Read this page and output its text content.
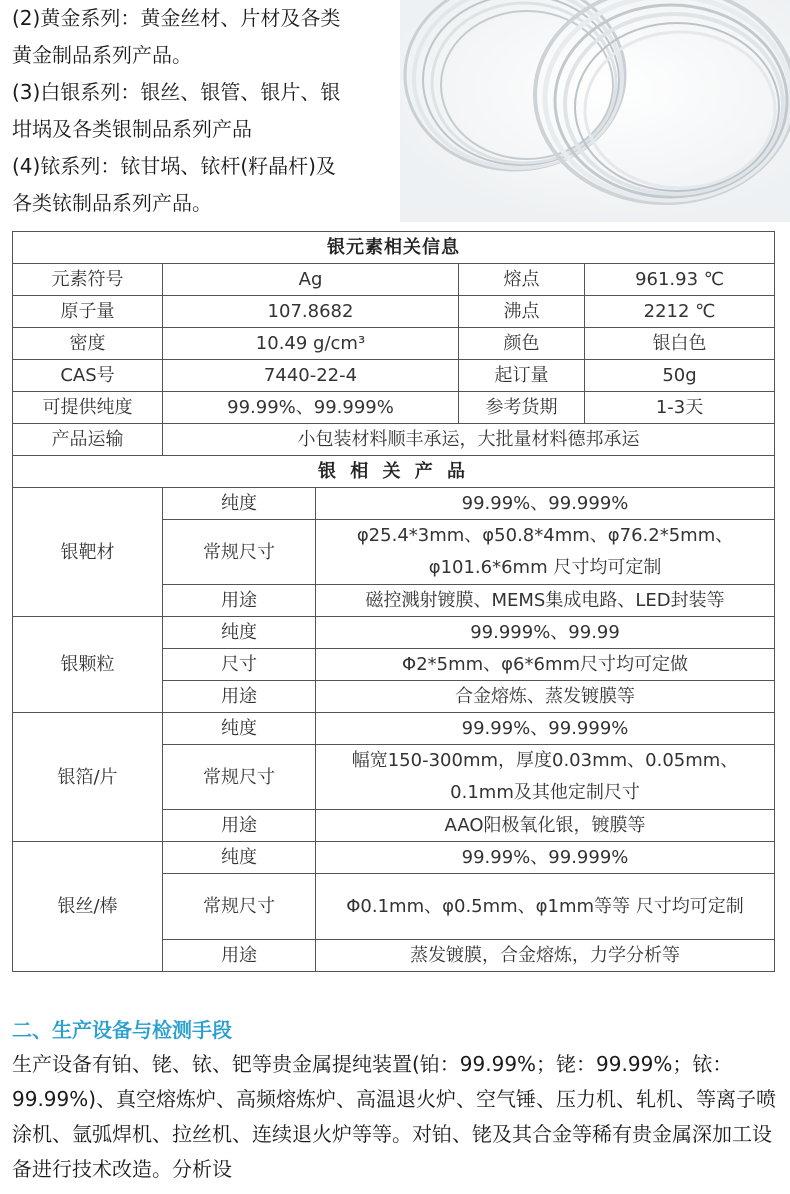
(2)黄金系列：黄金丝材、片材及各类

黄金制品系列产品。

(3)白银系列：银丝、银管、银片、银

坩埚及各类银制品系列产品

(4)铱系列：铱甘埚、铱杆(籽晶杆)及

各类铱制品系列产品。

银元素相关信息				
元素符号	Ag		熔点	961.93 ℃
原子量	107.8682		沸点	2212 ℃
密度	10.49 g/cm³		颜色	银白色
CAS号	7440-22-4		起订量	50g
可提供纯度	99.99%、99.999%		参考货期	1-3天
产品运输	小包装材料顺丰承运，大批量材料德邦承运			
银 相 关 产 品				
银靶材	纯度	99.99%、99.999%		
	常规尺寸	φ25.4*3mm、φ50.8*4mm、φ76.2*5mm、φ101.6*6mm 尺寸均可定制		
	用途	磁控溅射镀膜、MEMS集成电路、LED封装等		
银颗粒	纯度	99.999%、99.99		
	尺寸	Φ2*5mm、φ6*6mm尺寸均可定做		
	用途	合金熔炼、蒸发镀膜等		
银箔/片	纯度	99.99%、99.999%		
	常规尺寸	幅宽150-300mm，厚度0.03mm、0.05mm、0.1mm及其他定制尺寸		
	用途	AAO阳极氧化银，镀膜等		
银丝/棒	纯度	99.99%、99.999%		
	常规尺寸	Φ0.1mm、φ0.5mm、φ1mm等等 尺寸均可定制		
	用途	蒸发镀膜，合金熔炼，力学分析等		
二、生产设备与检测手段

生产设备有铂、铑、铱、钯等贵金属提纯装置(铂：99.99%；铑：99.99%；铱：99.99%)、真空熔炼炉、高频熔炼炉、高温退火炉、空气锤、压力机、轧机、等离子喷涂机、氩弧焊机、拉丝机、连续退火炉等等。对铂、铑及其合金等稀有贵金属深加工设备进行技术改造。分析设
